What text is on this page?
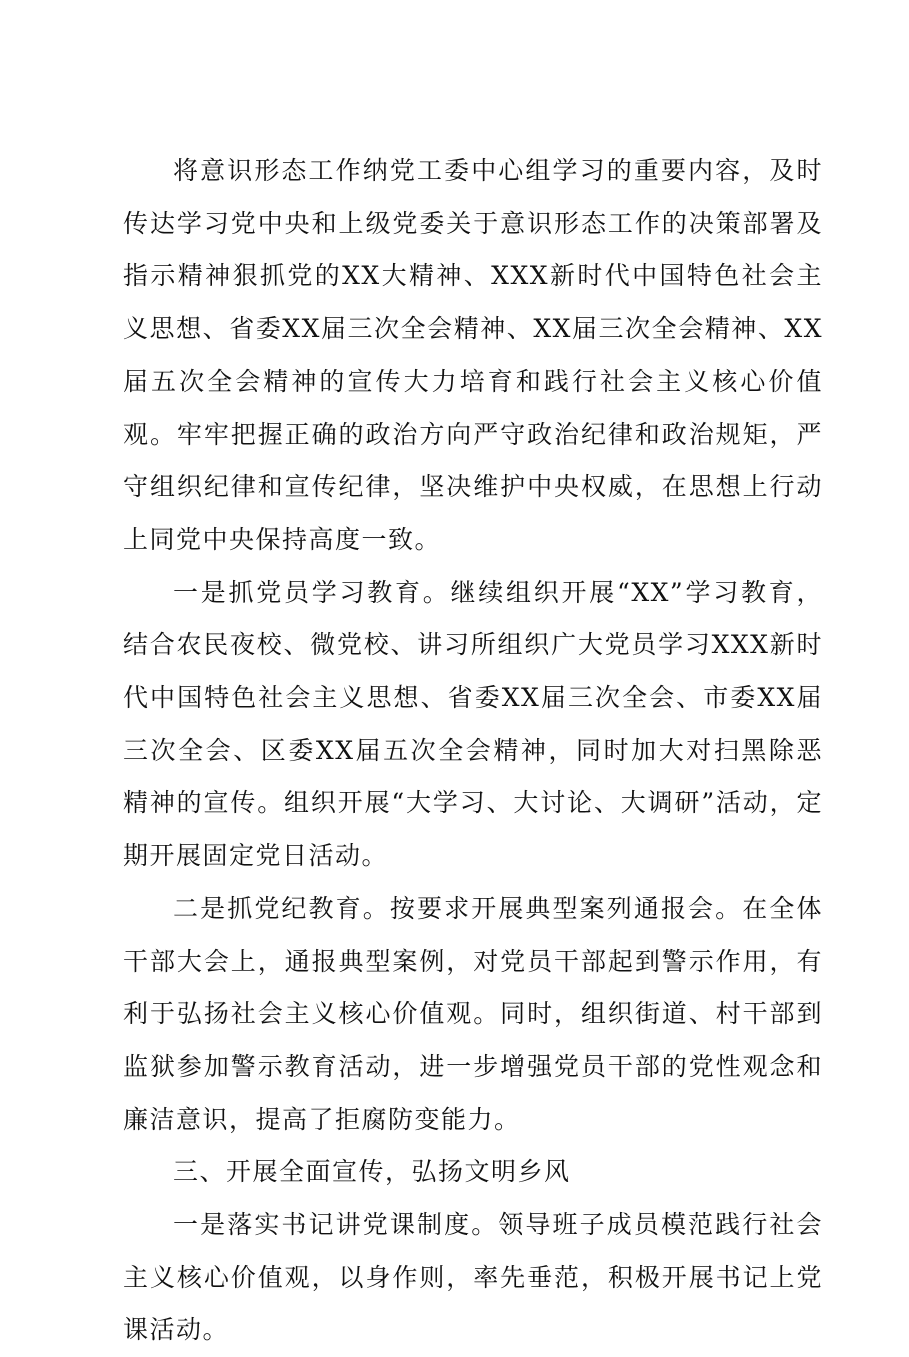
将意识形态工作纳党工委中心组学习的重要内容，及时传达学习党中央和上级党委关于意识形态工作的决策部署及指示精神狠抓党的XX大精神、XXX新时代中国特色社会主义思想、省委XX届三次全会精神、XX届三次全会精神、XX届五次全会精神的宣传大力培育和践行社会主义核心价值观。牢牢把握正确的政治方向严守政治纪律和政治规矩，严守组织纪律和宣传纪律，坚决维护中央权威，在思想上行动上同党中央保持高度一致。

一是抓党员学习教育。继续组织开展“XX”学习教育，结合农民夜校、微党校、讲习所组织广大党员学习XXX新时代中国特色社会主义思想、省委XX届三次全会、市委XX届三次全会、区委XX届五次全会精神，同时加大对扫黑除恶精神的宣传。组织开展“大学习、大讨论、大调研”活动，定期开展固定党日活动。

二是抓党纪教育。按要求开展典型案列通报会。在全体干部大会上，通报典型案例，对党员干部起到警示作用，有利于弘扬社会主义核心价值观。同时，组织街道、村干部到监狱参加警示教育活动，进一步增强党员干部的党性观念和廉洁意识，提高了拒腐防变能力。

三、开展全面宣传，弘扬文明乡风

一是落实书记讲党课制度。领导班子成员模范践行社会主义核心价值观，以身作则，率先垂范，积极开展书记上党课活动。
